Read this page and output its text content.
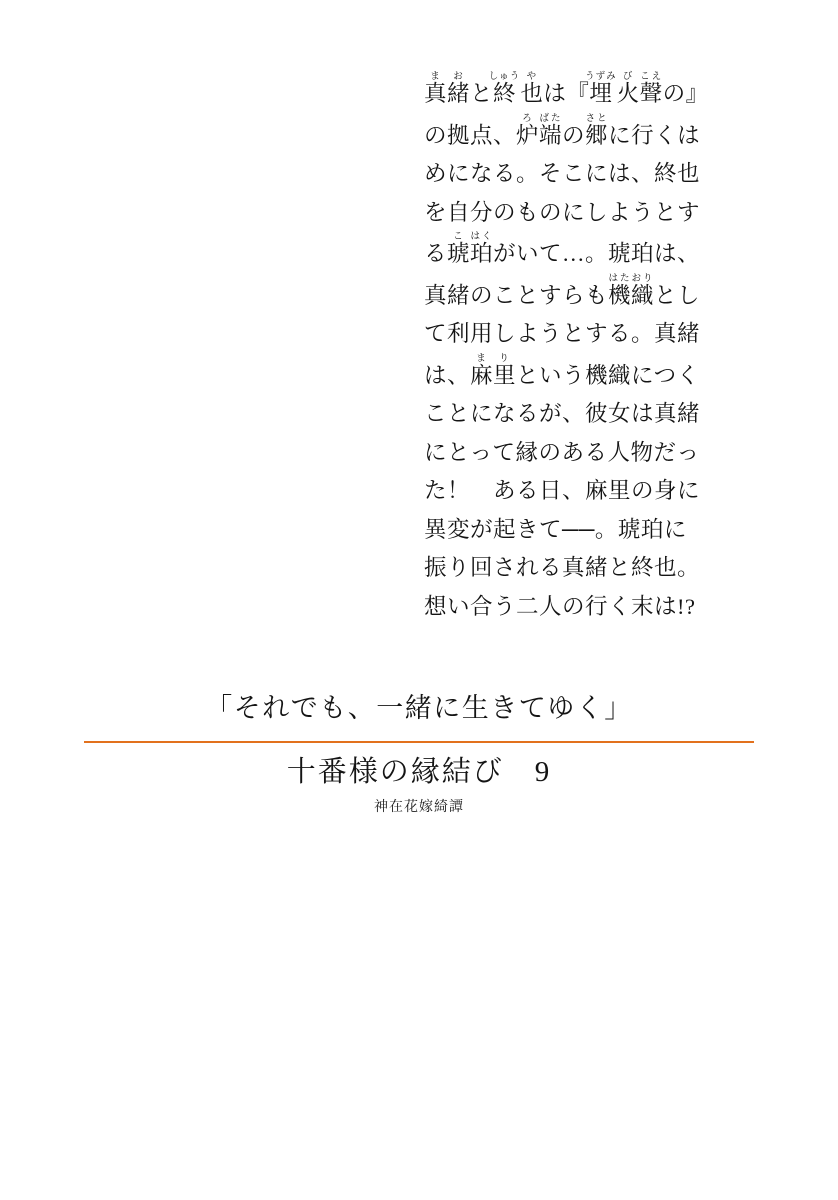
真ま緒おと終しゅう也やは『埋うずみ火び聲こえの』
の拠点、炉ろ端ばたの郷さとに行くは
めになる。そこには、終也
を自分のものにしようとす
る琥こ珀はくがいて…。琥珀は、
真緒のことすらも機織はたおりとし
て利用しようとする。真緒
は、麻ま里りという機織につく
ことになるが、彼女は真緒
にとって縁のある人物だっ
た！　ある日、麻里の身に
異変が起きて──。琥珀に
振り回される真緒と終也。
想い合う二人の行く末は!?
「それでも、一緒に生きてゆく」
十番様の縁結び　9
神在花嫁綺譚
